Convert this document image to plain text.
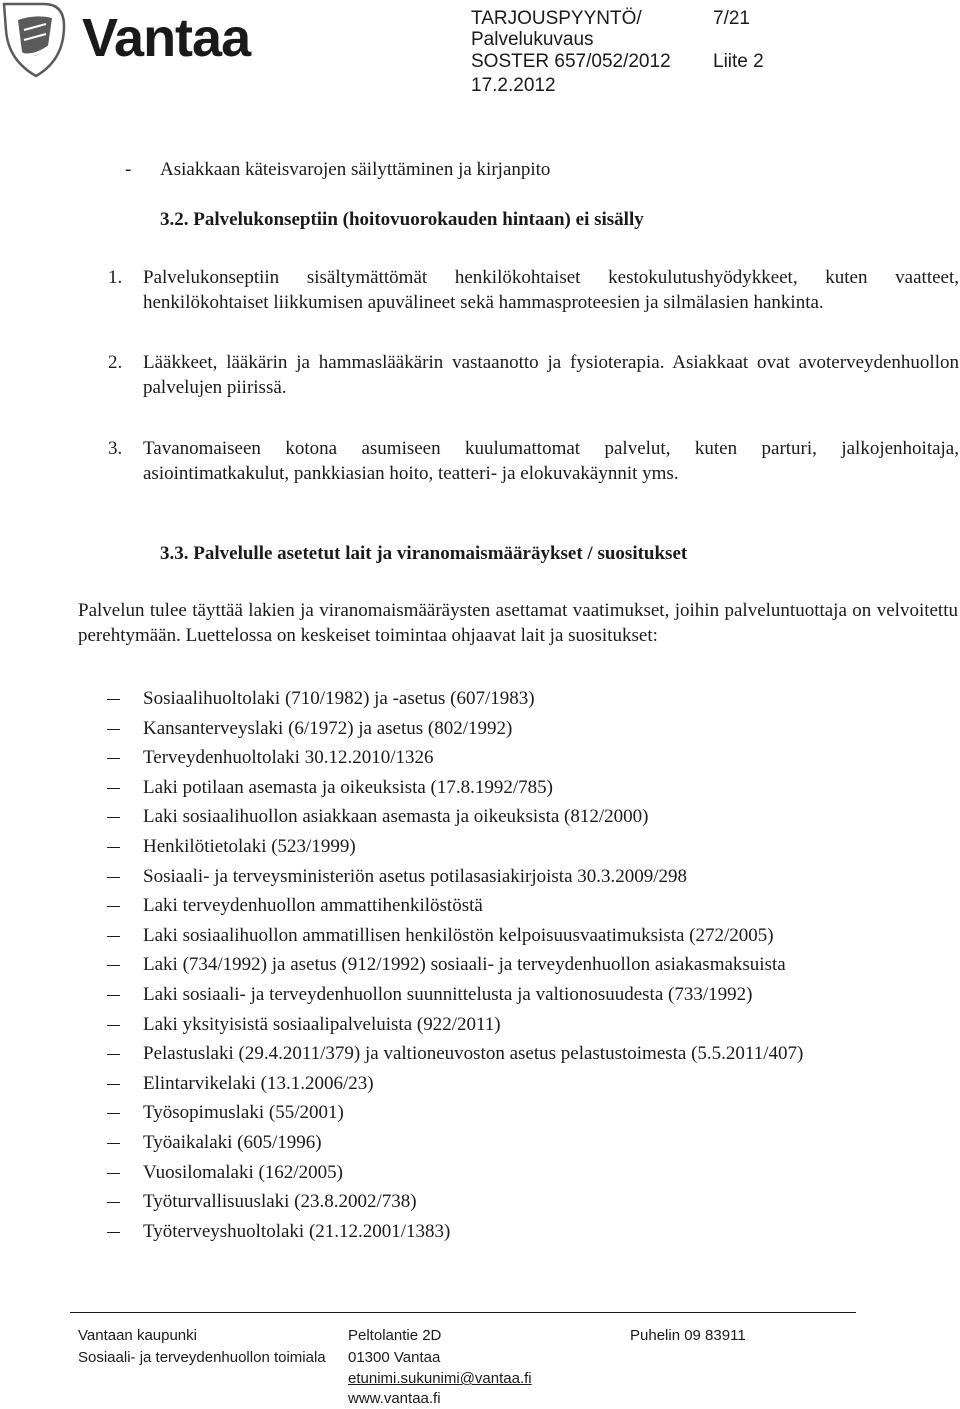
Vantaa	TARJOUSPYYNTÖ/	7/21
Palvelukuvaus
SOSTER 657/052/2012 Liite 2
17.2.2012
- Asiakkaan käteisvarojen säilyttäminen ja kirjanpito
3.2. Palvelukonseptiin (hoitovuorokauden hintaan) ei sisälly
1. Palvelukonseptiin sisältymättömät henkilökohtaiset kestokulutushyödykkeet, kuten vaatteet, henkilökohtaiset liikkumisen apuvälineet sekä hammasproteesien ja silmälasien hankinta.
2. Lääkkeet, lääkärin ja hammaslääkärin vastaanotto ja fysioterapia. Asiakkaat ovat avoterveydenhuollon palvelujen piirissä.
3. Tavanomaiseen kotona asumiseen kuulumattomat palvelut, kuten parturi, jalkojenhoitaja, asiointimatkakulut, pankkiasian hoito, teatteri- ja elokuvakäynnit yms.
3.3. Palvelulle asetetut lait ja viranomaismääräykset / suositukset
Palvelun tulee täyttää lakien ja viranomaismääräysten asettamat vaatimukset, joihin palveluntuottaja on velvoitettu perehtymään. Luettelossa on keskeiset toimintaa ohjaavat lait ja suositukset:
Sosiaalihuoltolaki (710/1982) ja -asetus (607/1983)
Kansanterveyslaki (6/1972) ja asetus (802/1992)
Terveydenhuoltolaki 30.12.2010/1326
Laki potilaan asemasta ja oikeuksista (17.8.1992/785)
Laki sosiaalihuollon asiakkaan asemasta ja oikeuksista (812/2000)
Henkilötietolaki (523/1999)
Sosiaali- ja terveysministeriön asetus potilasasiakirjoista 30.3.2009/298
Laki terveydenhuollon ammattihenkilöstöstä
Laki sosiaalihuollon ammatillisen henkilöstön kelpoisuusvaatimuksista (272/2005)
Laki (734/1992) ja asetus (912/1992) sosiaali- ja terveydenhuollon asiakasmaksuista
Laki sosiaali- ja terveydenhuollon suunnittelusta ja valtionosuudesta (733/1992)
Laki yksityisistä sosiaalipalveluista (922/2011)
Pelastuslaki (29.4.2011/379) ja valtioneuvoston asetus pelastustoimesta (5.5.2011/407)
Elintarvikelaki (13.1.2006/23)
Työsopimuslaki (55/2001)
Työaikalaki (605/1996)
Vuosilomalaki (162/2005)
Työturvallisuuslaki (23.8.2002/738)
Työterveyshuoltolaki (21.12.2001/1383)
Vantaan kaupunki
Sosiaali- ja terveydenhuollon toimiala
Peltolantie 2D
01300 Vantaa
etunimi.sukunimi@vantaa.fi
www.vantaa.fi
Puhelin 09 83911
